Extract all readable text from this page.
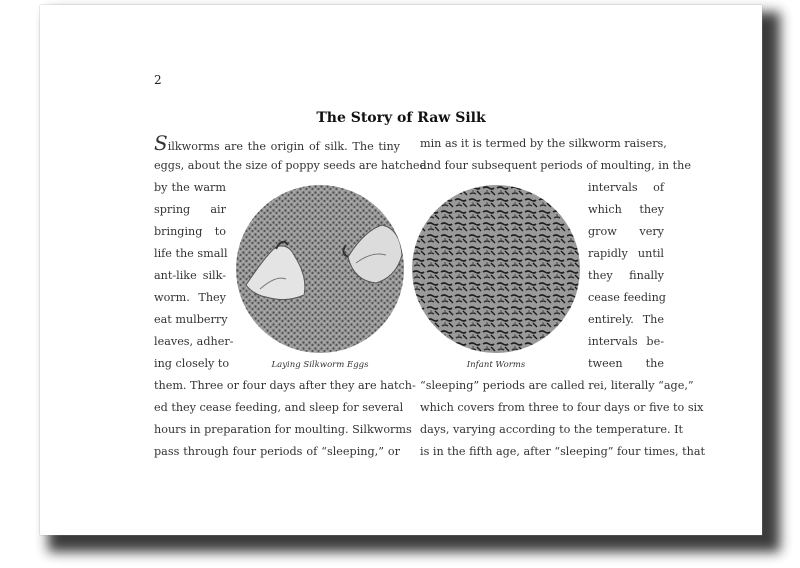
2
The Story of Raw Silk
Silkworms are the origin of silk. The tiny
eggs, about the size of poppy seeds are hatched
by the warm
spring air
bringing to
life the small
ant-like silk-
worm. They
eat mulberry
leaves, adher-
ing closely to
them. Three or four days after they are hatch-
ed they cease feeding, and sleep for several
hours in preparation for moulting. Silkworms
pass through four periods of “sleeping,” or
min as it is termed by the silkworm raisers,
and four subsequent periods of moulting, in the
intervals of
which they
grow very
rapidly until
they finally
cease feeding
entirely. The
intervals be-
tween the
“sleeping” periods are called rei, literally “age,”
which covers from three to four days or five to six
days, varying according to the temperature. It
is in the fifth age, after “sleeping” four times, that
Laying Silkworm Eggs	Infant Worms
